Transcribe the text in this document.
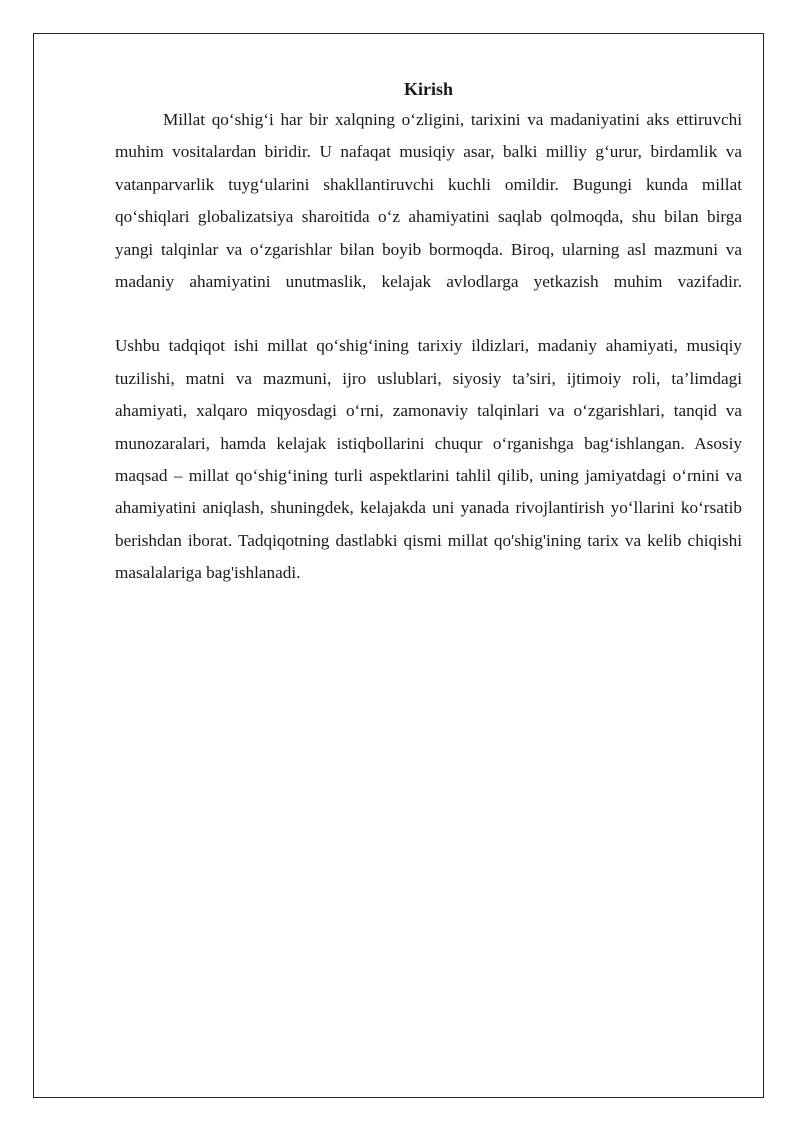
Kirish

Millat qo‘shig‘i har bir xalqning o‘zligini, tarixini va madaniyatini aks ettiruvchi muhim vositalardan biridir. U nafaqat musiqiy asar, balki milliy g‘urur, birdamlik va vatanparvarlik tuyg‘ularini shakllantiruvchi kuchli omildir. Bugungi kunda millat qo‘shiqlari globalizatsiya sharoitida o‘z ahamiyatini saqlab qolmoqda, shu bilan birga yangi talqinlar va o‘zgarishlar bilan boyib bormoqda. Biroq, ularning asl mazmuni va madaniy ahamiyatini unutmaslik, kelajak avlodlarga yetkazish muhim vazifadir.

Ushbu tadqiqot ishi millat qo‘shig‘ining tarixiy ildizlari, madaniy ahamiyati, musiqiy tuzilishi, matni va mazmuni, ijro uslublari, siyosiy ta’siri, ijtimoiy roli, ta’limdagi ahamiyati, xalqaro miqyosdagi o‘rni, zamonaviy talqinlari va o‘zgarishlari, tanqid va munozaralari, hamda kelajak istiqbollarini chuqur o‘rganishga bag‘ishlangan. Asosiy maqsad – millat qo‘shig‘ining turli aspektlarini tahlil qilib, uning jamiyatdagi o‘rnini va ahamiyatini aniqlash, shuningdek, kelajakda uni yanada rivojlantirish yo‘llarini ko‘rsatib berishdan iborat. Tadqiqotning dastlabki qismi millat qo'shig'ining tarix va kelib chiqishi masalalariga bag'ishlanadi.
